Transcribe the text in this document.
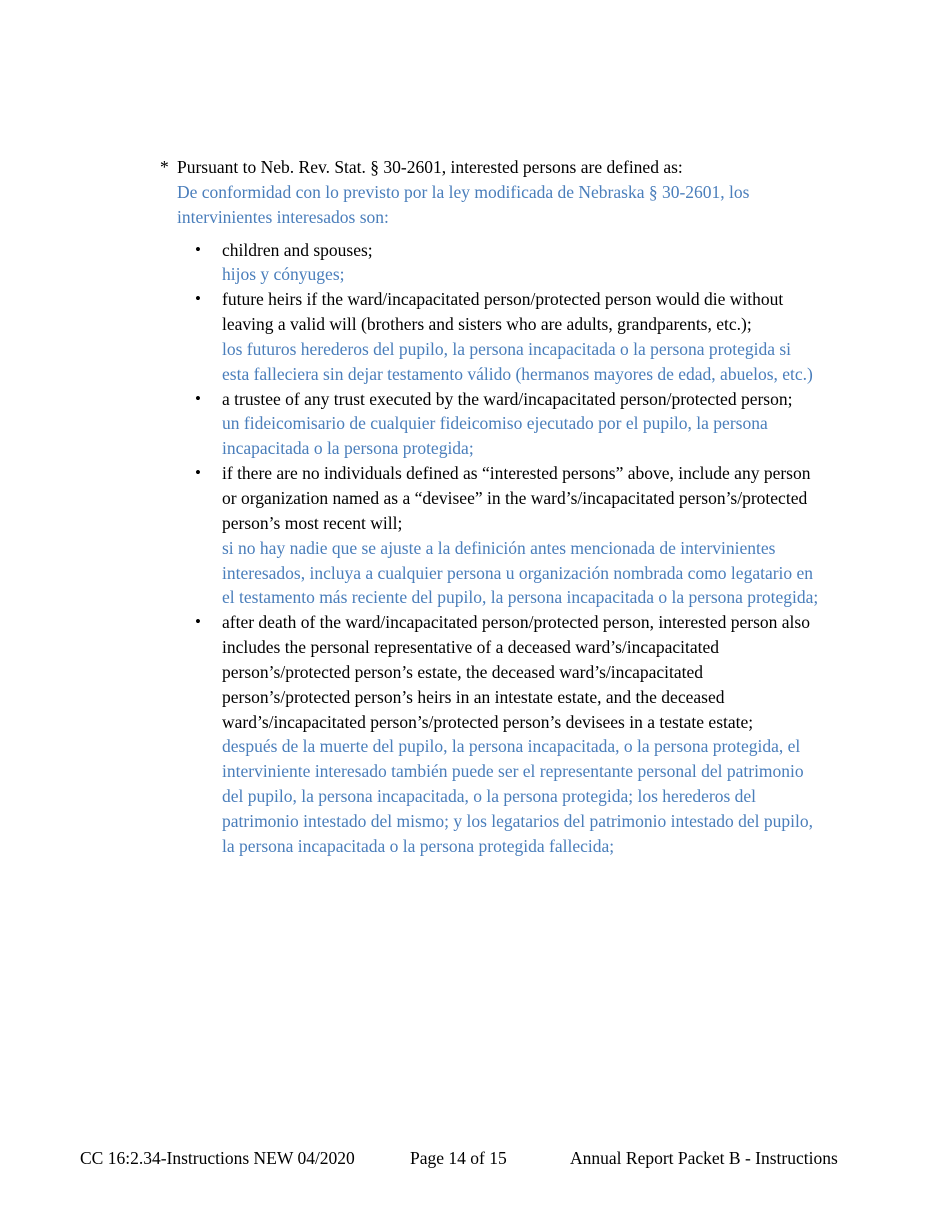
* Pursuant to Neb. Rev. Stat. § 30-2601, interested persons are defined as:
De conformidad con lo previsto por la ley modificada de Nebraska § 30-2601, los intervinientes interesados son:
• children and spouses;
hijos y cónyuges;
• future heirs if the ward/incapacitated person/protected person would die without leaving a valid will (brothers and sisters who are adults, grandparents, etc.);
los futuros herederos del pupilo, la persona incapacitada o la persona protegida si esta falleciera sin dejar testamento válido (hermanos mayores de edad, abuelos, etc.)
• a trustee of any trust executed by the ward/incapacitated person/protected person;
un fideicomisario de cualquier fideicomiso ejecutado por el pupilo, la persona incapacitada o la persona protegida;
• if there are no individuals defined as “interested persons” above, include any person or organization named as a “devisee” in the ward’s/incapacitated person’s/protected person’s most recent will;
si no hay nadie que se ajuste a la definición antes mencionada de intervinientes interesados, incluya a cualquier persona u organización nombrada como legatario en el testamento más reciente del pupilo, la persona incapacitada o la persona protegida;
• after death of the ward/incapacitated person/protected person, interested person also includes the personal representative of a deceased ward’s/incapacitated person’s/protected person’s estate, the deceased ward’s/incapacitated person’s/protected person’s heirs in an intestate estate, and the deceased ward’s/incapacitated person’s/protected person’s devisees in a testate estate;
después de la muerte del pupilo, la persona incapacitada, o la persona protegida, el interviniente interesado también puede ser el representante personal del patrimonio del pupilo, la persona incapacitada, o la persona protegida; los herederos del patrimonio intestado del mismo; y los legatarios del patrimonio intestado del pupilo, la persona incapacitada o la persona protegida fallecida;
CC 16:2.34-Instructions NEW 04/2020	Page 14 of 15	Annual Report Packet B - Instructions
